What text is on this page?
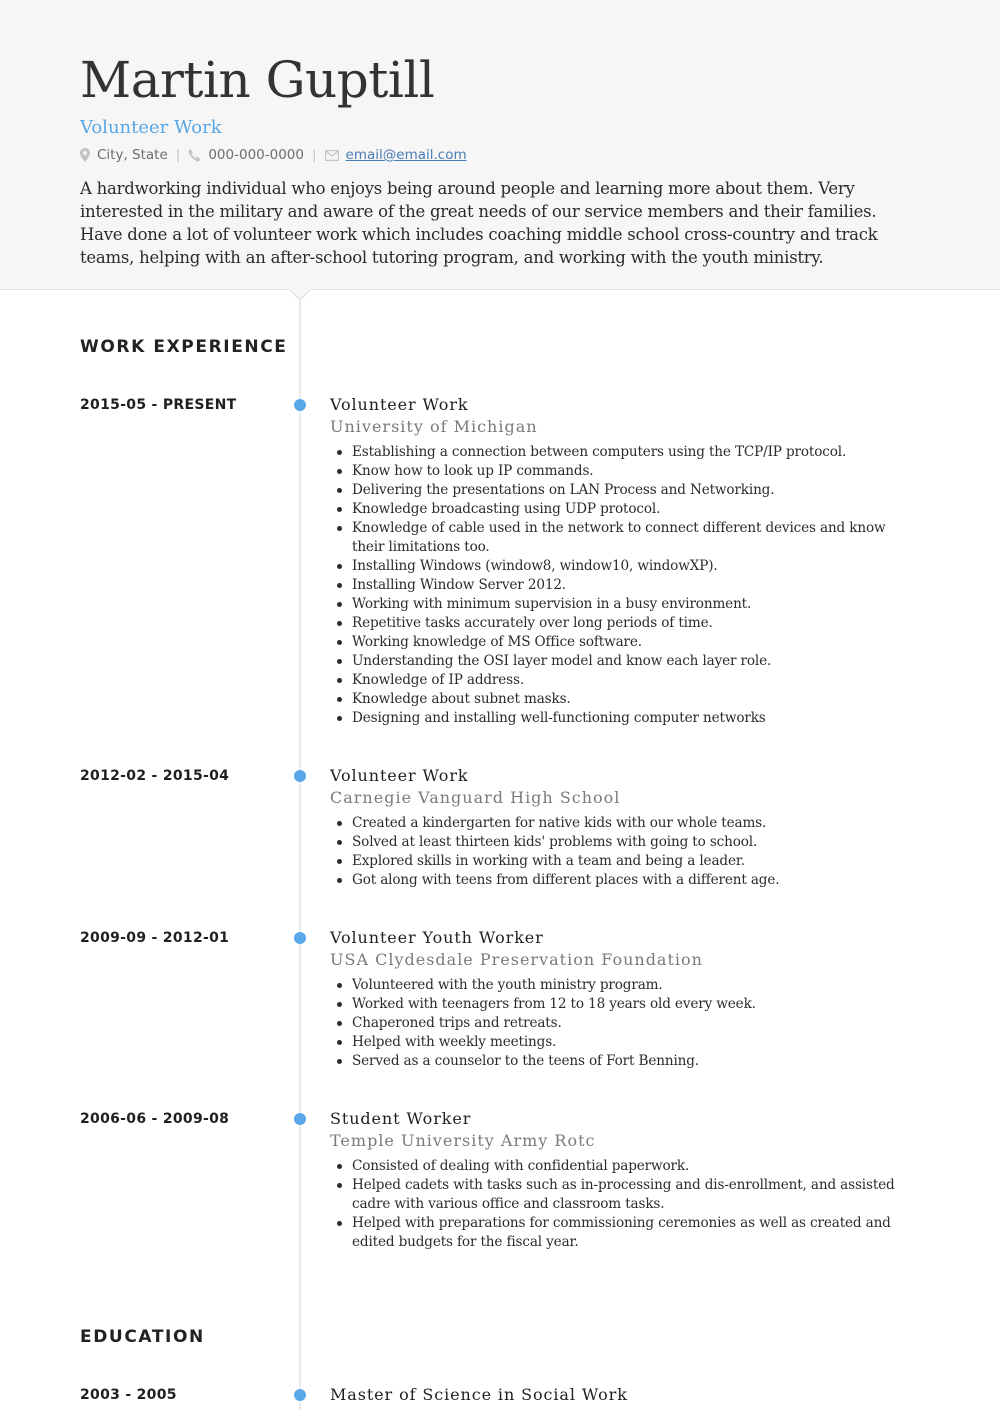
Martin Guptill
Volunteer Work
City, State | 000-000-0000 | email@email.com

A hardworking individual who enjoys being around people and learning more about them. Very interested in the military and aware of the great needs of our service members and their families. Have done a lot of volunteer work which includes coaching middle school cross-country and track teams, helping with an after-school tutoring program, and working with the youth ministry.

WORK EXPERIENCE
2015-05 - PRESENT	Volunteer Work
University of Michigan
Establishing a connection between computers using the TCP/IP protocol.
Know how to look up IP commands.
Delivering the presentations on LAN Process and Networking.
Knowledge broadcasting using UDP protocol.
Knowledge of cable used in the network to connect different devices and know their limitations too.
Installing Windows (window8, window10, windowXP).
Installing Window Server 2012.
Working with minimum supervision in a busy environment.
Repetitive tasks accurately over long periods of time.
Working knowledge of MS Office software.
Understanding the OSI layer model and know each layer role.
Knowledge of IP address.
Knowledge about subnet masks.
Designing and installing well-functioning computer networks
2012-02 - 2015-04	Volunteer Work
Carnegie Vanguard High School
Created a kindergarten for native kids with our whole teams.
Solved at least thirteen kids' problems with going to school.
Explored skills in working with a team and being a leader.
Got along with teens from different places with a different age.
2009-09 - 2012-01	Volunteer Youth Worker
USA Clydesdale Preservation Foundation
Volunteered with the youth ministry program.
Worked with teenagers from 12 to 18 years old every week.
Chaperoned trips and retreats.
Helped with weekly meetings.
Served as a counselor to the teens of Fort Benning.
2006-06 - 2009-08	Student Worker
Temple University Army Rotc
Consisted of dealing with confidential paperwork.
Helped cadets with tasks such as in-processing and dis-enrollment, and assisted cadre with various office and classroom tasks.
Helped with preparations for commissioning ceremonies as well as created and edited budgets for the fiscal year.
EDUCATION
2003 - 2005	Master of Science in Social Work
